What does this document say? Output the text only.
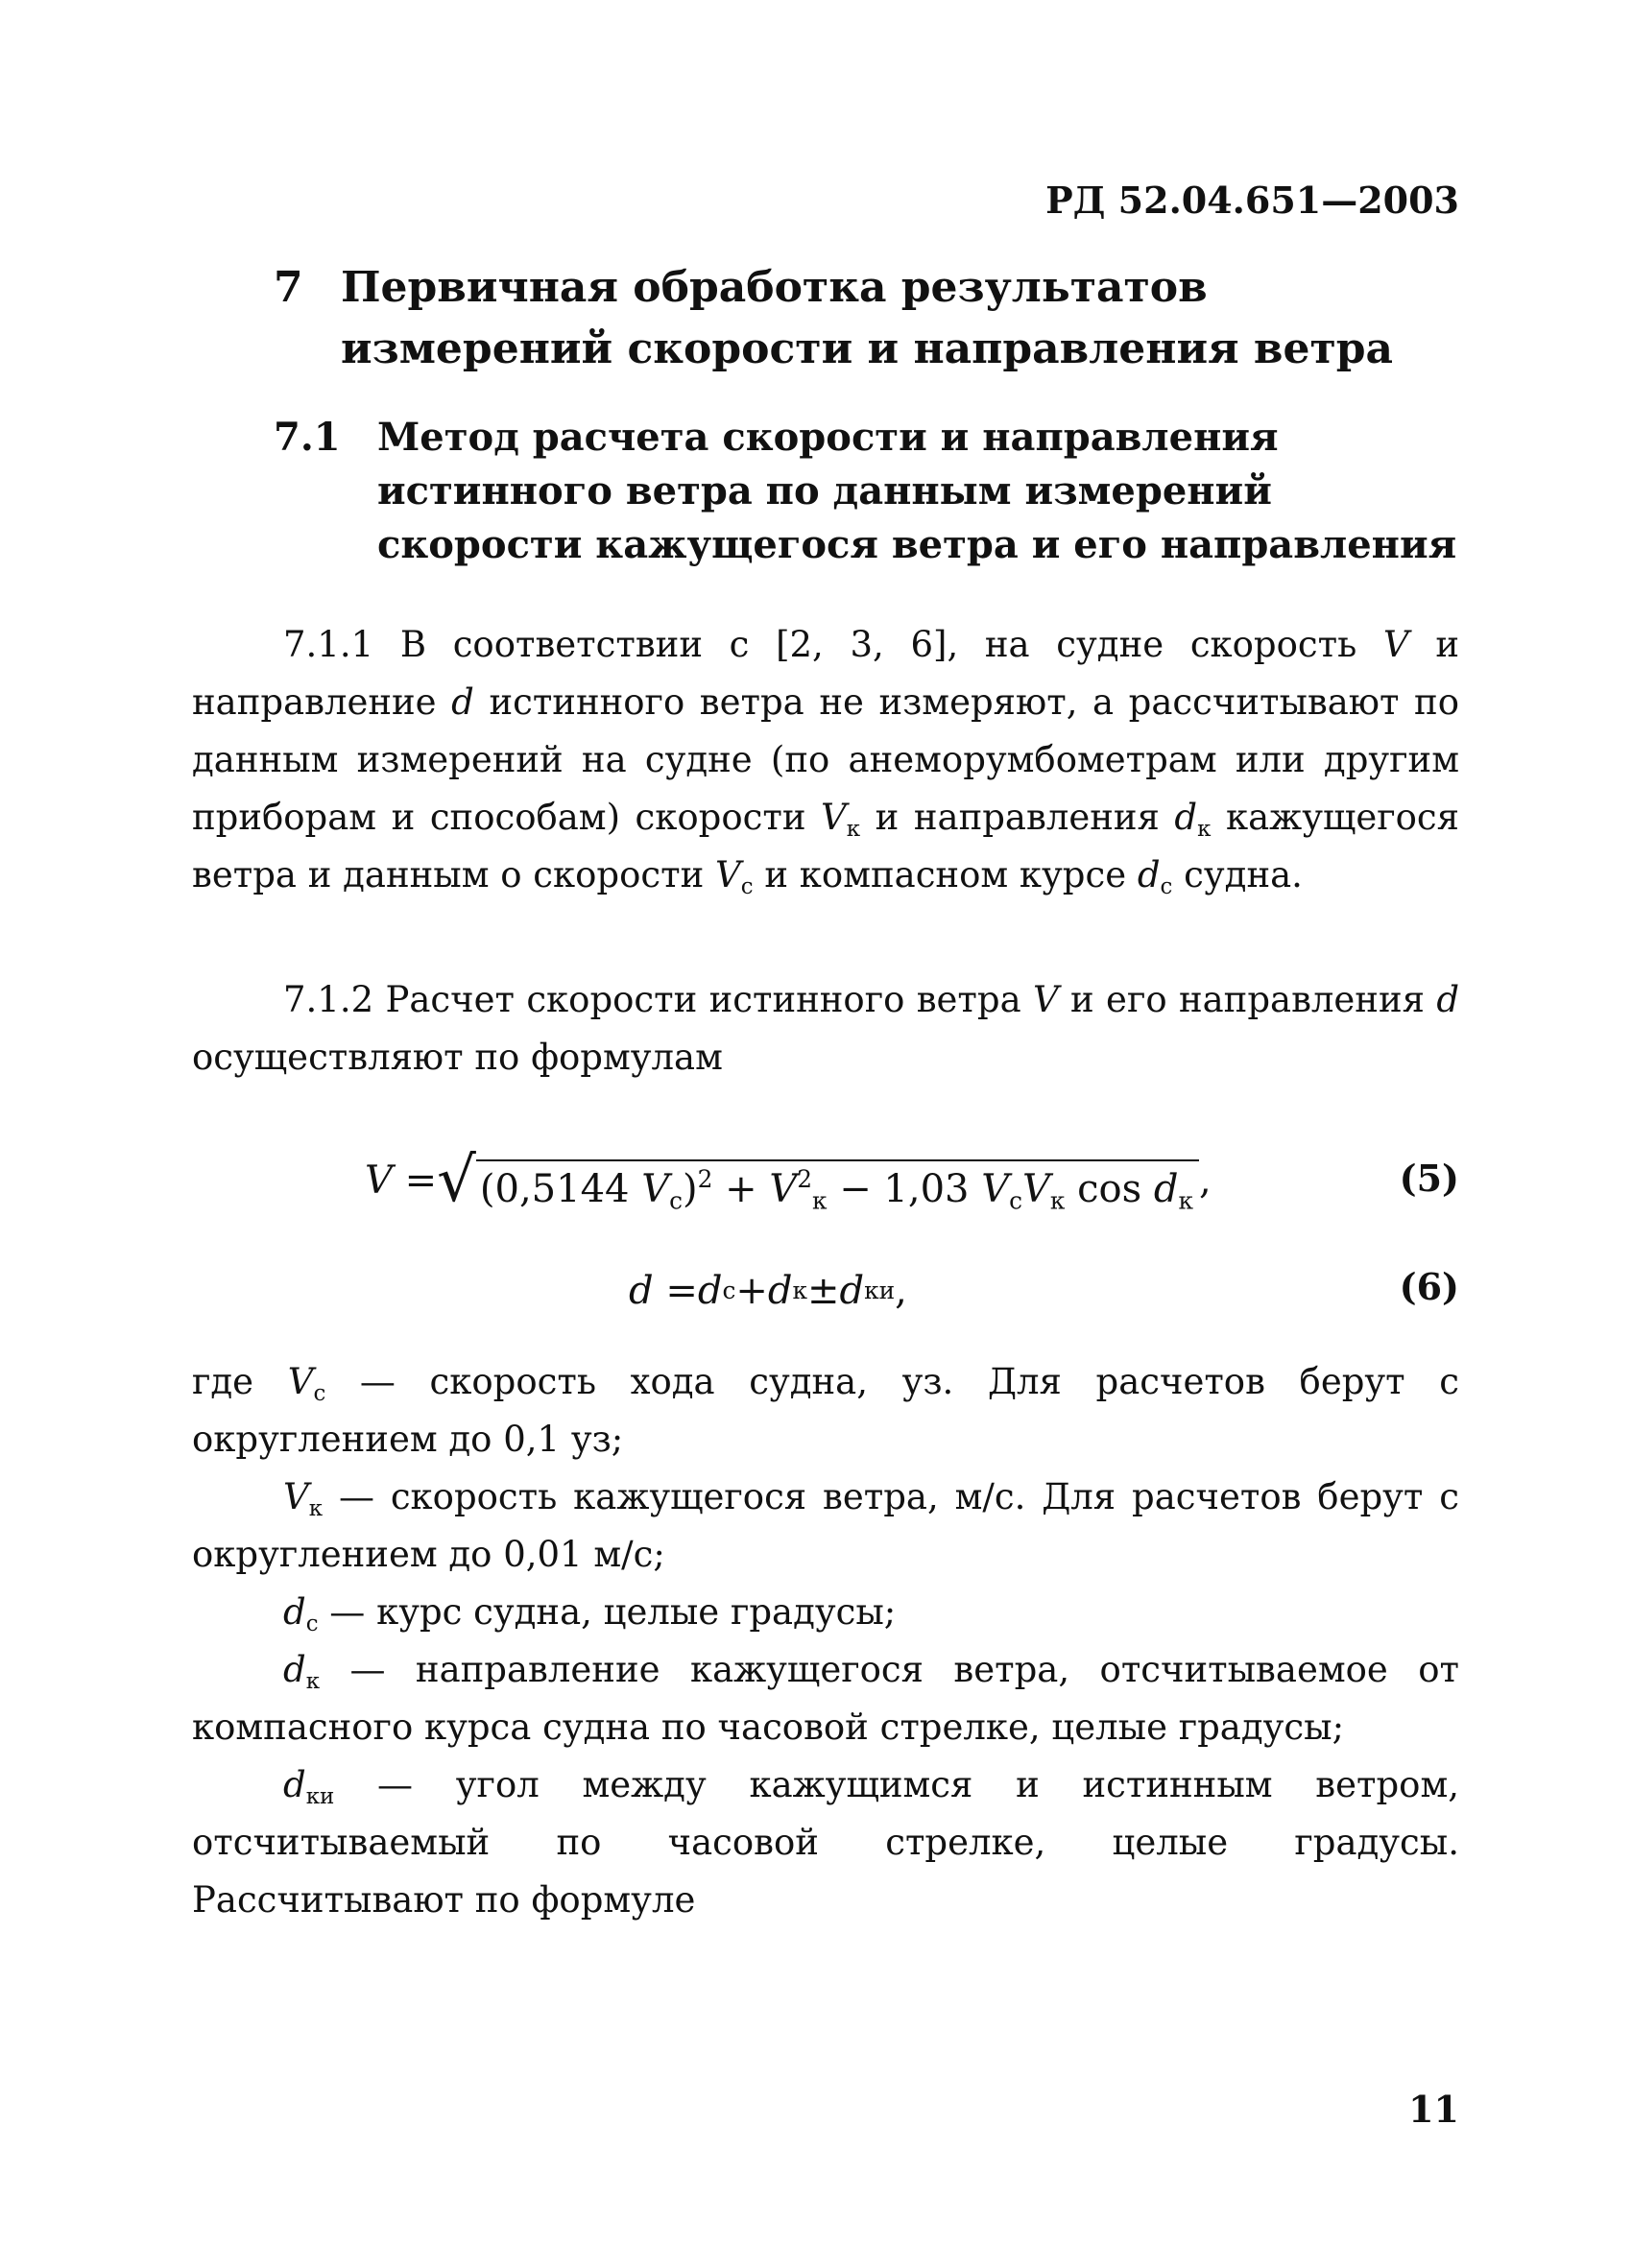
РД 52.04.651—2003
7 Первичная обработка результатов
измерений скорости и направления ветра
7.1 Метод расчета скорости и направления
истинного ветра по данным измерений
скорости кажущегося ветра и его направления

7.1.1 В соответствии с [2, 3, 6], на судне скорость V и направление d истинного ветра не измеряют, а рассчитывают по данным измерений на судне (по анеморумбометрам или другим приборам и способам) скорости $V_к$ и направления $d_к$ кажущегося ветра и данным о скорости $V_с$ и компасном курсе $d_с$ судна.

7.1.2 Расчет скорости истинного ветра V и его направления d осуществляют по формулам

V = √ (0,5144 $V_с)^2 + V^2_к - 1,03$ $V_сV_к$ $\cos d_к$ ,	(5)
d = d с + d к ± d ки ,	(6)

где $V_с$ — скорость хода судна, уз. Для расчетов берут с округлением до 0,1 уз;

$V_к$ — скорость кажущегося ветра, м/с. Для расчетов берут с округлением до 0,01 м/с;

$d_с$ — курс судна, целые градусы;

$d_к$ — направление кажущегося ветра, отсчитываемое от компасного курса судна по часовой стрелке, целые градусы;

$d_{ки}$ — угол между кажущимся и истинным ветром, отсчитываемый по часовой стрелке, целые градусы. Рассчитывают по формуле

11
